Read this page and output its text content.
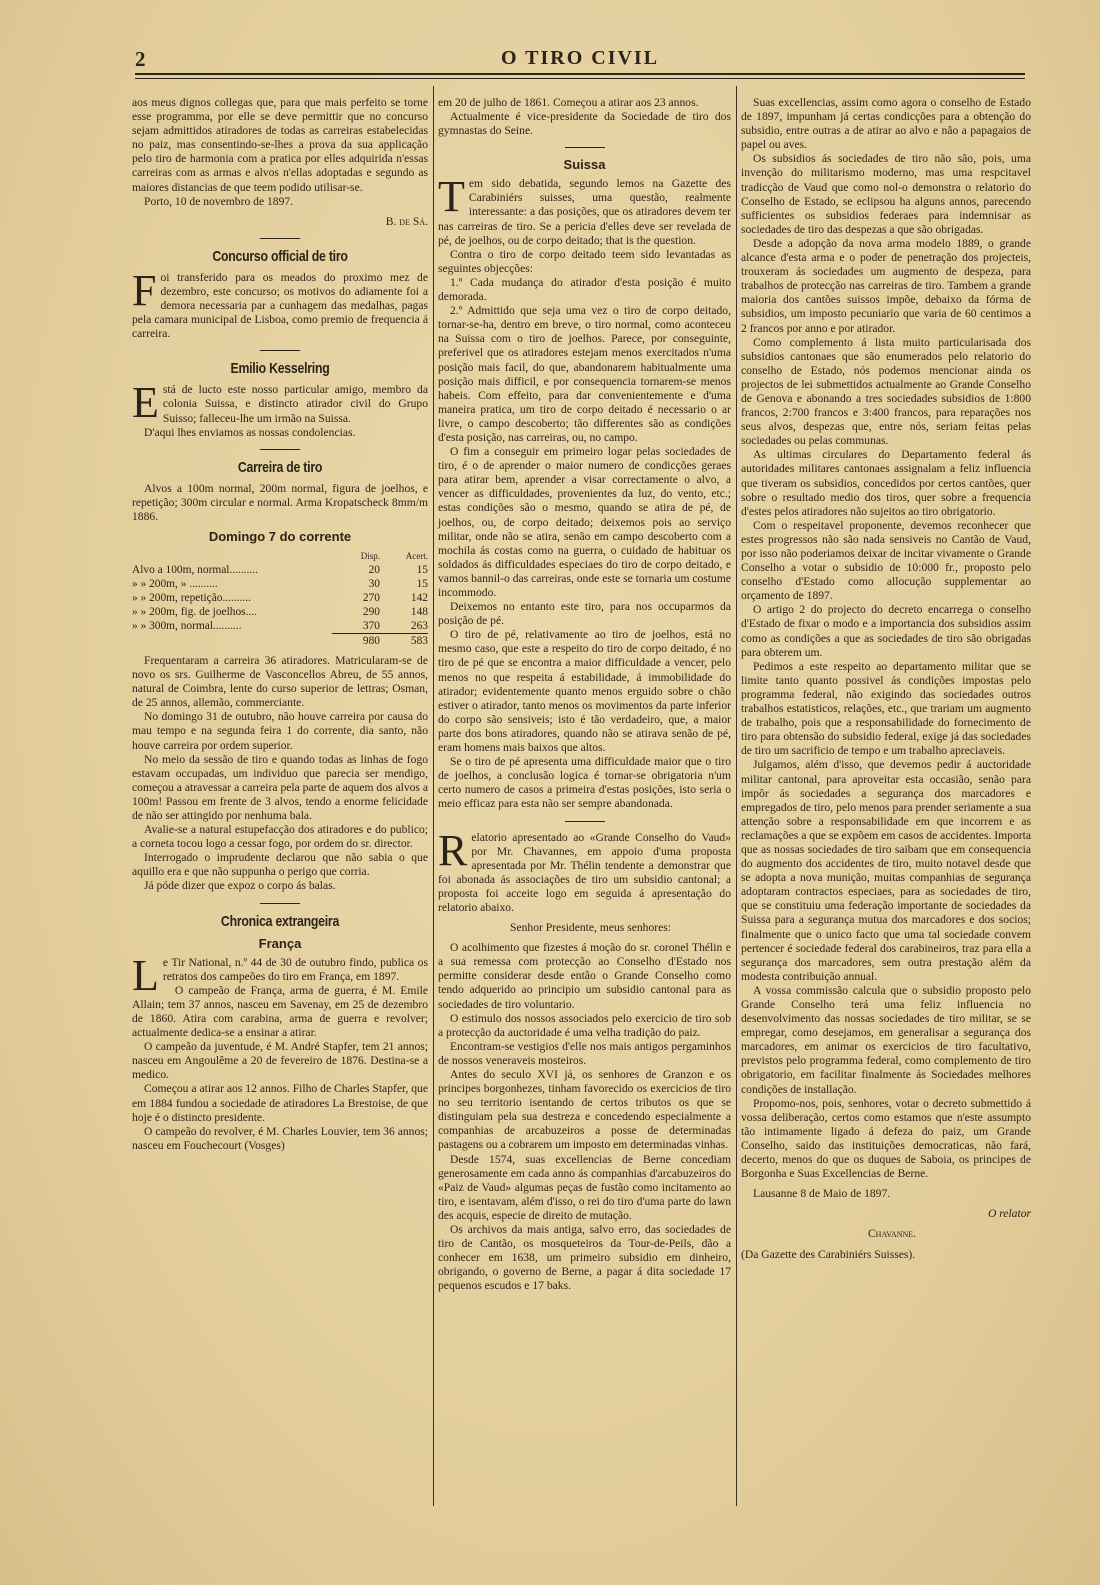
2	O TIRO CIVIL

aos meus dignos collegas que, para que mais perfeito se torne esse programma, por elle se deve permittir que no concurso sejam admittidos atiradores de todas as carreiras estabelecidas no paiz, mas consentindo-se-lhes a prova da sua applicação pelo tiro de harmonia com a pratica por elles adquirida n'essas carreiras com as armas e alvos n'ellas adoptadas e segundo as maiores distancias de que teem podido utilisar-se.

Porto, 10 de novembro de 1897.

B. de Sá.

Concurso official de tiro

Foi transferido para os meados do proximo mez de dezembro, este concurso; os motivos do adiamente foi a demora necessaria par a cunhagem das medalhas, pagas pela camara municipal de Lisboa, como premio de frequencia á carreira.

Emilio Kesselring

Está de lucto este nosso particular amigo, membro da colonia Suissa, e distincto atirador civil do Grupo Suisso; falleceu-lhe um irmão na Suissa.

D'aqui lhes enviamos as nossas condolencias.

Carreira de tiro

Alvos a 100m normal, 200m normal, figura de joelhos, e repetição; 300m circular e normal. Arma Kropatscheck 8mm/m 1886.

Domingo 7 do corrente
	Disp.	Acert.
Alvo a 100m, normal..........	20	15
» » 200m, » ..........	30	15
» » 200m, repetição..........	270	142
» » 200m, fig. de joelhos....	290	148
» » 300m, normal..........	370	263
	980	583

Frequentaram a carreira 36 atiradores. Matricularam-se de novo os srs. Guilherme de Vasconcellos Abreu, de 55 annos, natural de Coimbra, lente do curso superior de lettras; Osman, de 25 annos, allemão, commerciante.

No domingo 31 de outubro, não houve carreira por causa do mau tempo e na segunda feira 1 do corrente, dia santo, não houve carreira por ordem superior.

No meio da sessão de tiro e quando todas as linhas de fogo estavam occupadas, um individuo que parecia ser mendigo, começou a atravessar a carreira pela parte de aquem dos alvos a 100m! Passou em frente de 3 alvos, tendo a enorme felicidade de não ser attingido por nenhuma bala.

Avalie-se a natural estupefacção dos atiradores e do publico; a corneta tocou logo a cessar fogo, por ordem do sr. director.

Interrogado o imprudente declarou que não sabia o que aquillo era e que não suppunha o perigo que corria.

Já póde dizer que expoz o corpo ás balas.

Chronica extrangeira
França

Le Tir National, n.º 44 de 30 de outubro findo, publica os retratos dos campeões do tiro em França, em 1897.

O campeão de França, arma de guerra, é M. Emile Allain; tem 37 annos, nasceu em Savenay, em 25 de dezembro de 1860. Atira com carabina, arma de guerra e revolver; actualmente dedica-se a ensinar a atirar.

O campeão da juventude, é M. André Stapfer, tem 21 annos; nasceu em Angoulême a 20 de fevereiro de 1876. Destina-se a medico.

Começou a atirar aos 12 annos. Filho de Charles Stapfer, que em 1884 fundou a sociedade de atiradores La Brestoise, de que hoje é o distincto presidente.

O campeão do revolver, é M. Charles Louvier, tem 36 annos; nasceu em Fouchecourt (Vosges)

em 20 de julho de 1861. Começou a atirar aos 23 annos.

Actualmente é vice-presidente da Sociedade de tiro dos gymnastas do Seine.

Suissa

Tem sido debatida, segundo lemos na Gazette des Carabiniérs suisses, uma questão, realmente interessante: a das posições, que os atiradores devem ter nas carreiras de tiro. Se a pericia d'elles deve ser revelada de pé, de joelhos, ou de corpo deitado; that is the question.

Contra o tiro de corpo deitado teem sido levantadas as seguintes objecções:

1.º Cada mudança do atirador d'esta posição é muito demorada.

2.º Admittido que seja uma vez o tiro de corpo deitado, tornar-se-ha, dentro em breve, o tiro normal, como aconteceu na Suissa com o tiro de joelhos. Parece, por conseguinte, preferivel que os atiradores estejam menos exercitados n'uma posição mais facil, do que, abandonarem habitualmente uma posição mais difficil, e por consequencia tornarem-se menos habeis. Com effeito, para dar convenientemente e d'uma maneira pratica, um tiro de corpo deitado é necessario o ar livre, o campo descoberto; tão differentes são as condições d'esta posição, nas carreiras, ou, no campo.

O fim a conseguir em primeiro logar pelas sociedades de tiro, é o de aprender o maior numero de condicções geraes para atirar bem, aprender a visar correctamente o alvo, a vencer as difficuldades, provenientes da luz, do vento, etc.; estas condições são o mesmo, quando se atira de pé, de joelhos, ou, de corpo deitado; deixemos pois ao serviço militar, onde não se atira, senão em campo descoberto com a mochila ás costas como na guerra, o cuidado de habituar os soldados ás difficuldades especiaes do tiro de corpo deitado, e vamos bannil-o das carreiras, onde este se tornaria um costume incommodo.

Deixemos no entanto este tiro, para nos occuparmos da posição de pé.

O tiro de pé, relativamente ao tiro de joelhos, está no mesmo caso, que este a respeito do tiro de corpo deitado, é no tiro de pé que se encontra a maior difficuldade a vencer, pelo menos no que respeita á estabilidade, á immobilidade do atirador; evidentemente quanto menos erguido sobre o chão estiver o atirador, tanto menos os movimentos da parte inferior do corpo são sensiveis; isto é tão verdadeiro, que, a maior parte dos bons atiradores, quando não se atirava senão de pé, eram homens mais baixos que altos.

Se o tiro de pé apresenta uma difficuldade maior que o tiro de joelhos, a conclusão logica é tornar-se obrigatoria n'um certo numero de casos a primeira d'estas posições, isto seria o meio efficaz para esta não ser sempre abandonada.

Relatorio apresentado ao «Grande Conselho do Vaud» por Mr. Chavannes, em appoio d'uma proposta apresentada por Mr. Thélin tendente a demonstrar que foi abonada ás associações de tiro um subsidio cantonal; a proposta foi acceite logo em seguida á apresentação do relatorio abaixo.

Senhor Presidente, meus senhores:

O acolhimento que fizestes á moção do sr. coronel Thélin e a sua remessa com protecção ao Conselho d'Estado nos permitte considerar desde então o Grande Conselho como tendo adquerido ao principio um subsidio cantonal para as sociedades de tiro voluntario.

O estimulo dos nossos associados pelo exercicio de tiro sob a protecção da auctoridade é uma velha tradição do paiz.

Encontram-se vestigios d'elle nos mais antigos pergaminhos de nossos veneraveis mosteiros.

Antes do seculo XVI já, os senhores de Granzon e os principes borgonhezes, tinham favorecido os exercicios de tiro no seu territorio isentando de certos tributos os que se distinguiam pela sua destreza e concedendo especialmente a companhias de arcabuzeiros a posse de determinadas pastagens ou a cobrarem um imposto em determinadas vinhas.

Desde 1574, suas excellencias de Berne concediam generosamente em cada anno ás companhias d'arcabuzeiros do «Paiz de Vaud» algumas peças de fustão como incitamento ao tiro, e isentavam, além d'isso, o rei do tiro d'uma parte do lawn des acquis, especie de direito de mutação.

Os archivos da mais antiga, salvo erro, das sociedades de tiro de Cantão, os mosqueteiros da Tour-de-Peils, dão a conhecer em 1638, um primeiro subsidio em dinheiro, obrigando, o governo de Berne, a pagar á dita sociedade 17 pequenos escudos e 17 baks.

Suas excellencias, assim como agora o conselho de Estado de 1897, impunham já certas condicções para a obtenção do subsidio, entre outras a de atirar ao alvo e não a papagaios de papel ou aves.

Os subsidios ás sociedades de tiro não são, pois, uma invenção do militarismo moderno, mas uma respcitavel tradicção de Vaud que como nol-o demonstra o relatorio do Conselho de Estado, se eclipsou ha alguns annos, parecendo sufficientes os subsidios federaes para indemnisar as sociedades de tiro das despezas a que são obrigadas.

Desde a adopção da nova arma modelo 1889, o grande alcance d'esta arma e o poder de penetração dos projecteis, trouxeram ás sociedades um augmento de despeza, para trabalhos de protecção nas carreiras de tiro. Tambem a grande maioria dos cantões suissos impõe, debaixo da fórma de subsidios, um imposto pecuniario que varia de 60 centimos a 2 francos por anno e por atirador.

Como complemento á lista muito particularisada dos subsidios cantonaes que são enumerados pelo relatorio do conselho de Estado, nós podemos mencionar ainda os projectos de lei submettidos actualmente ao Grande Conselho de Genova e abonando a tres sociedades subsidios de 1:800 francos, 2:700 francos e 3:400 francos, para reparações nos seus alvos, despezas que, entre nós, seriam feitas pelas sociedades ou pelas communas.

As ultimas circulares do Departamento federal ás autoridades militares cantonaes assignalam a feliz influencia que tiveram os subsidios, concedidos por certos cantões, quer sobre o resultado medio dos tiros, quer sobre a frequencia d'estes pelos atiradores não sujeitos ao tiro obrigatorio.

Com o respeitavel proponente, devemos reconhecer que estes progressos não são nada sensiveis no Cantão de Vaud, por isso não poderiamos deixar de incitar vivamente o Grande Conselho a votar o subsidio de 10:000 fr., proposto pelo conselho d'Estado como allocução supplementar ao orçamento de 1897.

O artigo 2 do projecto do decreto encarrega o conselho d'Estado de fixar o modo e a importancia dos subsidios assim como as condições a que as sociedades de tiro são obrigadas para obterem um.

Pedimos a este respeito ao departamento militar que se limite tanto quanto possivel ás condições impostas pelo programma federal, não exigindo das sociedades outros trabalhos estatisticos, relações, etc., que trariam um augmento de trabalho, pois que a responsabilidade do fornecimento de tiro para obtensão do subsidio federal, exige já das sociedades de tiro um sacrificio de tempo e um trabalho apreciaveis.

Julgamos, além d'isso, que devemos pedir á auctoridade militar cantonal, para aproveitar esta occasião, senão para impôr ás sociedades a segurança dos marcadores e empregados de tiro, pelo menos para prender seriamente a sua attenção sobre a responsabilidade em que incorrem e as reclamações a que se expõem em casos de accidentes. Importa que as nossas sociedades de tiro saibam que em consequencia do augmento dos accidentes de tiro, muito notavel desde que se adopta a nova munição, muitas companhias de segurança adoptaram contractos especiaes, para as sociedades de tiro, que se constituiu uma federação importante de sociedades da Suissa para a segurança mutua dos marcadores e dos socios; finalmente que o unico facto que uma tal sociedade convem pertencer é sociedade federal dos carabineiros, traz para ella a segurança dos marcadores, sem outra prestação além da modesta contribuição annual.

A vossa commissão calcula que o subsidio proposto pelo Grande Conselho terá uma feliz influencia no desenvolvimento das nossas sociedades de tiro militar, se se empregar, como desejamos, em generalisar a segurança dos marcadores, em animar os exercicios de tiro facultativo, previstos pelo programma federal, como complemento de tiro obrigatorio, em facilitar finalmente ás Sociedades melhores condições de installação.

Propomo-nos, pois, senhores, votar o decreto submettido á vossa deliberação, certos como estamos que n'este assumpto tão intimamente ligado á defeza do paiz, um Grande Conselho, saido das instituições democraticas, não fará, decerto, menos do que os duques de Saboia, os principes de Borgonha e Suas Excellencias de Berne.

Lausanne 8 de Maio de 1897.

O relator

Chavanne.

(Da Gazette des Carabiniérs Suisses).
